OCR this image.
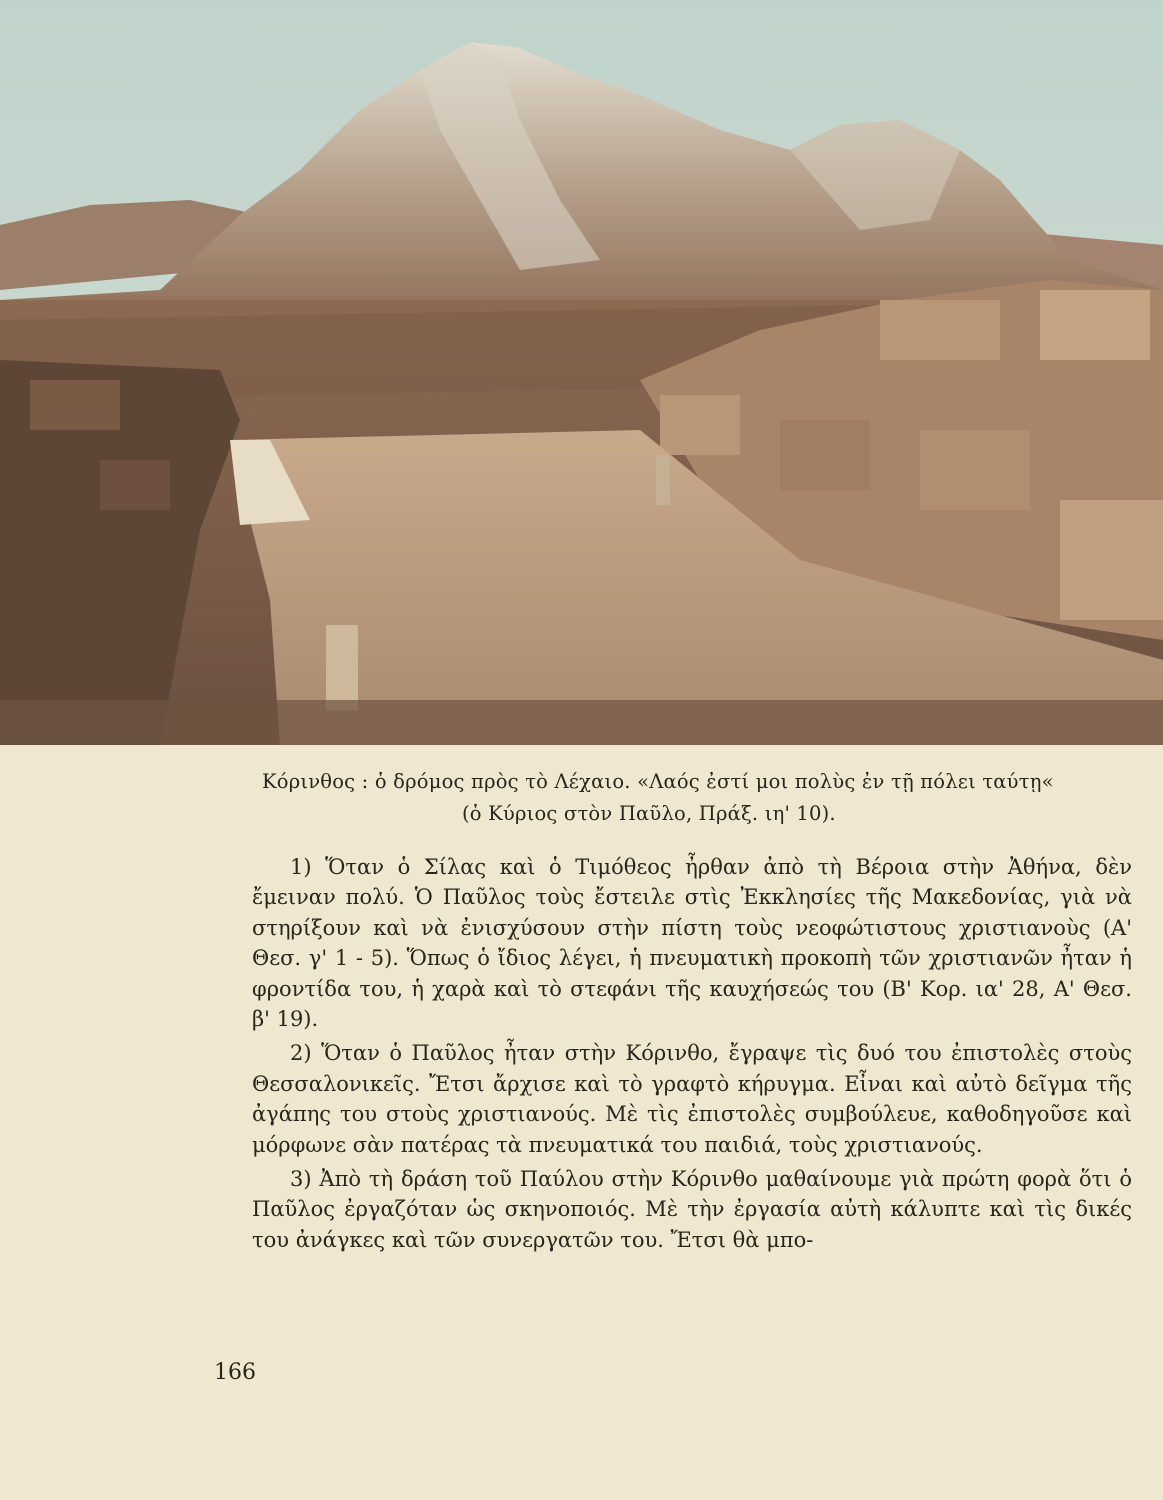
Κόρινθος : ὁ δρόμος πρὸς τὸ Λέχαιο. «Λαός ἐστί μοι πολὺς ἐν τῇ πόλει ταύτῃ«
(ὁ Κύριος στὸν Παῦλο, Πράξ. ιη' 10).

1) Ὅταν ὁ Σίλας καὶ ὁ Τιμόθεος ἦρθαν ἀπὸ τὴ Βέροια στὴν Ἀθήνα, δὲν ἔμειναν πολύ. Ὁ Παῦλος τοὺς ἔστειλε στὶς Ἐκκλησίες τῆς Μακεδονίας, γιὰ νὰ στηρίξουν καὶ νὰ ἐνισχύσουν στὴν πίστη τοὺς νεοφώτιστους χριστιανοὺς (Α' Θεσ. γ' 1 - 5). Ὅπως ὁ ἴδιος λέγει, ἡ πνευματικὴ προκοπὴ τῶν χριστιανῶν ἦταν ἡ φροντίδα του, ἡ χαρὰ καὶ τὸ στεφάνι τῆς καυχήσεώς του (Β' Κορ. ια' 28, Α' Θεσ. β' 19).

2) Ὅταν ὁ Παῦλος ἦταν στὴν Κόρινθο, ἔγραψε τὶς δυό του ἐπιστολὲς στοὺς Θεσσαλονικεῖς. Ἔτσι ἄρχισε καὶ τὸ γραφτὸ κήρυγμα. Εἶναι καὶ αὐτὸ δεῖγμα τῆς ἀγάπης του στοὺς χριστιανούς. Μὲ τὶς ἐπιστολὲς συμβούλευε, καθοδηγοῦσε καὶ μόρφωνε σὰν πατέρας τὰ πνευματικά του παιδιά, τοὺς χριστιανούς.

3) Ἀπὸ τὴ δράση τοῦ Παύλου στὴν Κόρινθο μαθαίνουμε γιὰ πρώτη φορὰ ὅτι ὁ Παῦλος ἐργαζόταν ὡς σκηνοποιός. Μὲ τὴν ἐργασία αὐτὴ κάλυπτε καὶ τὶς δικές του ἀνάγκες καὶ τῶν συνεργατῶν του. Ἔτσι θὰ μπο-

166
